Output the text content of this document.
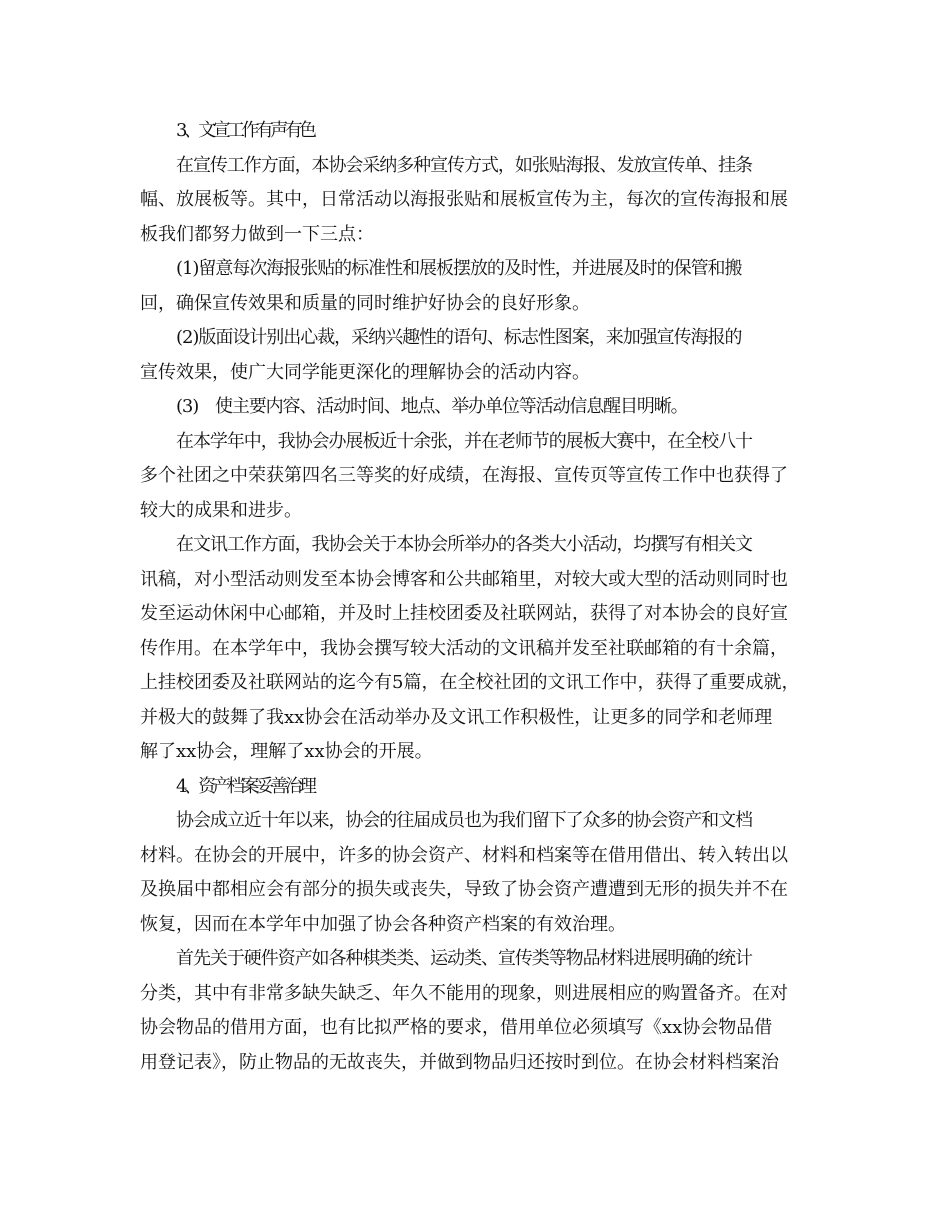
3、文宣工作有声有色
在宣传工作方面，本协会采纳多种宣传方式，如张贴海报、发放宣传单、挂条
幅、放展板等。其中，日常活动以海报张贴和展板宣传为主，每次的宣传海报和展
板我们都努力做到一下三点：
(1)留意每次海报张贴的标准性和展板摆放的及时性，并进展及时的保管和搬
回，确保宣传效果和质量的同时维护好协会的良好形象。
(2)版面设计别出心裁，采纳兴趣性的语句、标志性图案，来加强宣传海报的
宣传效果，使广大同学能更深化的理解协会的活动内容。
(3)　使主要内容、活动时间、地点、举办单位等活动信息醒目明晰。
在本学年中，我协会办展板近十余张，并在老师节的展板大赛中，在全校八十
多个社团之中荣获第四名三等奖的好成绩，在海报、宣传页等宣传工作中也获得了
较大的成果和进步。
在文讯工作方面，我协会关于本协会所举办的各类大小活动，均撰写有相关文
讯稿，对小型活动则发至本协会博客和公共邮箱里，对较大或大型的活动则同时也
发至运动休闲中心邮箱，并及时上挂校团委及社联网站，获得了对本协会的良好宣
传作用。在本学年中，我协会撰写较大活动的文讯稿并发至社联邮箱的有十余篇，
上挂校团委及社联网站的迄今有5篇，在全校社团的文讯工作中，获得了重要成就，
并极大的鼓舞了我xx协会在活动举办及文讯工作积极性，让更多的同学和老师理
解了xx协会，理解了xx协会的开展。
4、资产档案妥善治理
协会成立近十年以来，协会的往届成员也为我们留下了众多的协会资产和文档
材料。在协会的开展中，许多的协会资产、材料和档案等在借用借出、转入转出以
及换届中都相应会有部分的损失或丧失，导致了协会资产遭遭到无形的损失并不在
恢复，因而在本学年中加强了协会各种资产档案的有效治理。
首先关于硬件资产如各种棋类类、运动类、宣传类等物品材料进展明确的统计
分类，其中有非常多缺失缺乏、年久不能用的现象，则进展相应的购置备齐。在对
协会物品的借用方面，也有比拟严格的要求，借用单位必须填写《xx协会物品借
用登记表》，防止物品的无故丧失，并做到物品归还按时到位。在协会材料档案治
